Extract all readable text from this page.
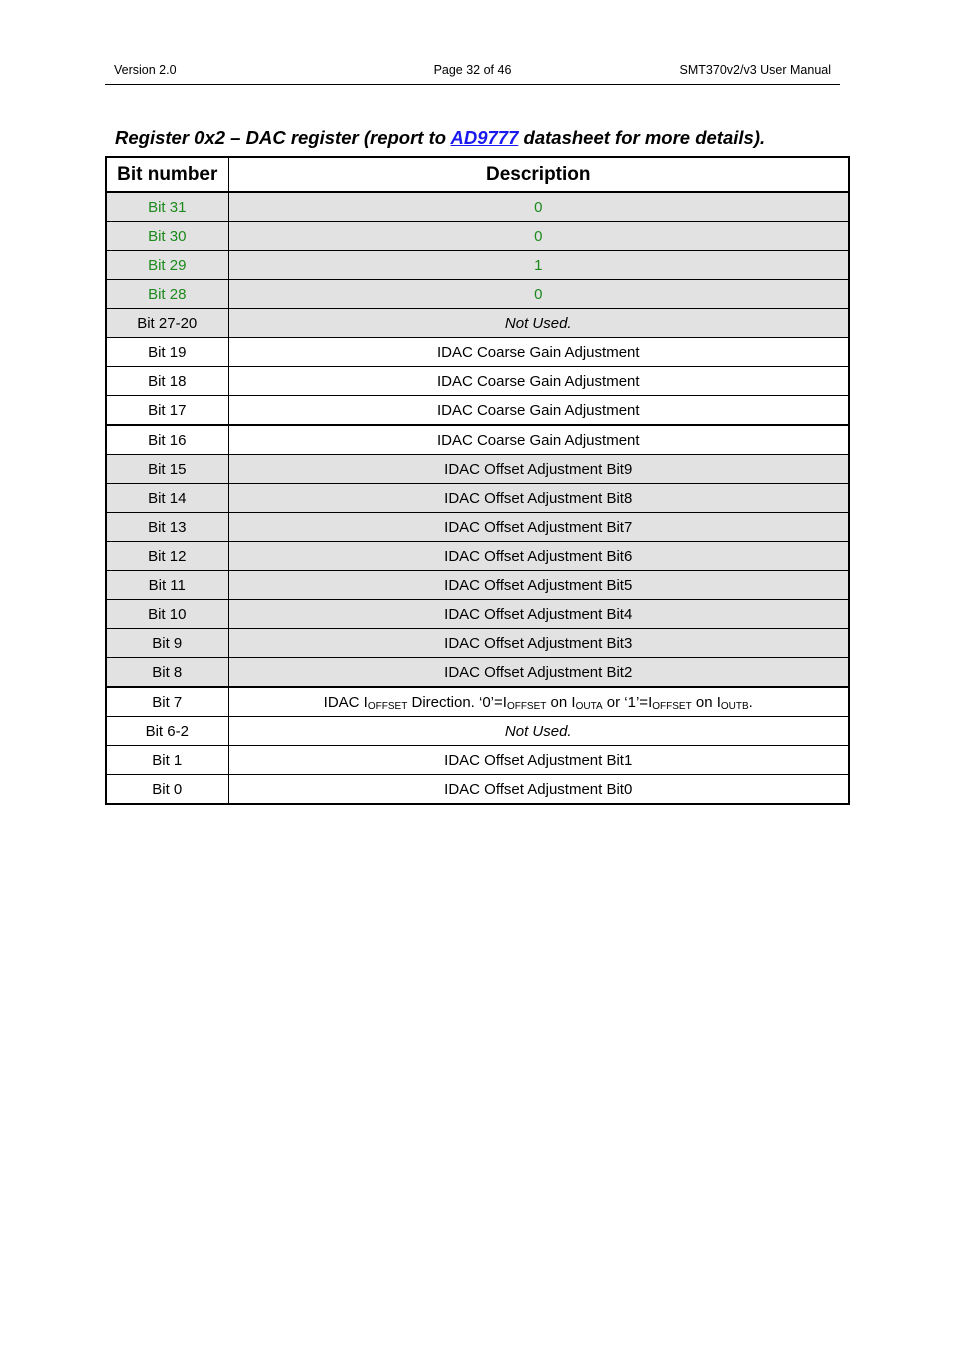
Version 2.0	Page 32 of 46	SMT370v2/v3 User Manual
Register 0x2 – DAC register (report to AD9777 datasheet for more details).
Bit number	Description
Bit 31	0
Bit 30	0
Bit 29	1
Bit 28	0
Bit 27-20	Not Used.
Bit 19	IDAC Coarse Gain Adjustment
Bit 18	IDAC Coarse Gain Adjustment
Bit 17	IDAC Coarse Gain Adjustment
Bit 16	IDAC Coarse Gain Adjustment
Bit 15	IDAC Offset Adjustment Bit9
Bit 14	IDAC Offset Adjustment Bit8
Bit 13	IDAC Offset Adjustment Bit7
Bit 12	IDAC Offset Adjustment Bit6
Bit 11	IDAC Offset Adjustment Bit5
Bit 10	IDAC Offset Adjustment Bit4
Bit 9	IDAC Offset Adjustment Bit3
Bit 8	IDAC Offset Adjustment Bit2
Bit 7	IDAC $I_{OFFSET}$ Direction. ‘$0’=I_{OFFSET}$ on $I_{OUTA}$ or ‘$1’=I_{OFFSET}$ on $I_{OUTB}$.
Bit 6-2	Not Used.
Bit 1	IDAC Offset Adjustment Bit1
Bit 0	IDAC Offset Adjustment Bit0
